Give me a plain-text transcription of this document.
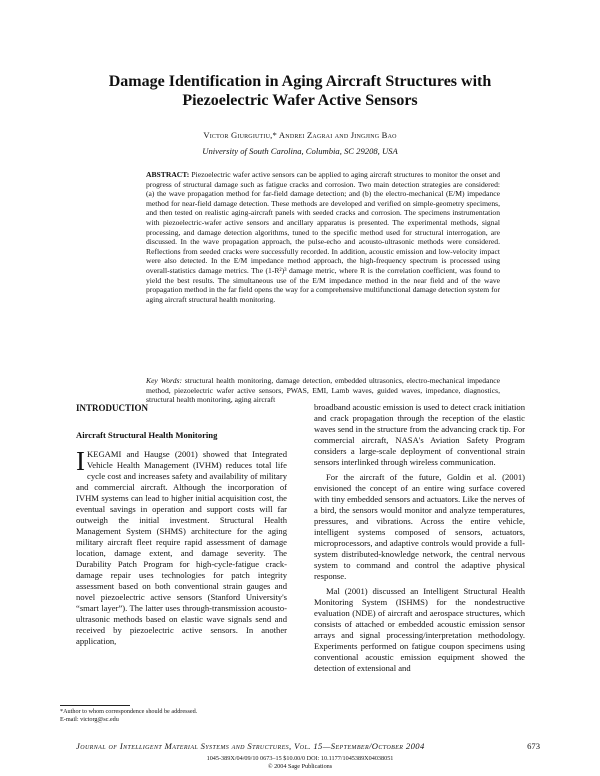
Damage Identification in Aging Aircraft Structures with
Piezoelectric Wafer Active Sensors
Victor Giurgiutiu,* Andrei Zagrai and Jingjing Bao
University of South Carolina, Columbia, SC 29208, USA
ABSTRACT: Piezoelectric wafer active sensors can be applied to aging aircraft structures to monitor the onset and progress of structural damage such as fatigue cracks and corrosion. Two main detection strategies are considered: (a) the wave propagation method for far-field damage detection; and (b) the electro-mechanical (E/M) impedance method for near-field damage detection. These methods are developed and verified on simple-geometry specimens, and then tested on realistic aging-aircraft panels with seeded cracks and corrosion. The specimens instrumentation with piezoelectric-wafer active sensors and ancillary apparatus is presented. The experimental methods, signal processing, and damage detection algorithms, tuned to the specific method used for structural interrogation, are discussed. In the wave propagation approach, the pulse-echo and acousto-ultrasonic methods were considered. Reflections from seeded cracks were successfully recorded. In addition, acoustic emission and low-velocity impact were also detected. In the E/M impedance method approach, the high-frequency spectrum is processed using overall-statistics damage metrics. The (1-R²)³ damage metric, where R is the correlation coefficient, was found to yield the best results. The simultaneous use of the E/M impedance method in the near field and of the wave propagation method in the far field opens the way for a comprehensive multifunctional damage detection system for aging aircraft structural health monitoring.
Key Words: structural health monitoring, damage detection, embedded ultrasonics, electro-mechanical impedance method, piezoelectric wafer active sensors, PWAS, EMI, Lamb waves, guided waves, impedance, diagnostics, structural health monitoring, aging aircraft
INTRODUCTION
Aircraft Structural Health Monitoring

IKEGAMI and Haugse (2001) showed that Integrated Vehicle Health Management (IVHM) reduces total life cycle cost and increases safety and availability of military and commercial aircraft. Although the incorporation of IVHM systems can lead to higher initial acquisition cost, the eventual savings in operation and support costs will far outweigh the initial investment. Structural Health Management System (SHMS) architecture for the aging military aircraft fleet require rapid assessment of damage location, damage extent, and damage severity. The Durability Patch Program for high-cycle-fatigue crack-damage repair uses technologies for patch integrity assessment based on both conventional strain gauges and novel piezoelectric active sensors (Stanford University's “smart layer”). The latter uses through-transmission acousto-ultrasonic methods based on elastic wave signals send and received by piezoelectric active sensors. In another application,

broadband acoustic emission is used to detect crack initiation and crack propagation through the reception of the elastic waves send in the structure from the advancing crack tip. For commercial aircraft, NASA's Aviation Safety Program considers a large-scale deployment of conventional strain sensors interlinked through wireless communication.

For the aircraft of the future, Goldin et al. (2001) envisioned the concept of an entire wing surface covered with tiny embedded sensors and actuators. Like the nerves of a bird, the sensors would monitor and analyze temperatures, pressures, and vibrations. Across the entire vehicle, intelligent systems composed of sensors, actuators, microprocessors, and adaptive controls would provide a full-system distributed-knowledge network, the central nervous system to command and control the adaptive physical response.

Mal (2001) discussed an Intelligent Structural Health Monitoring System (ISHMS) for the nondestructive evaluation (NDE) of aircraft and aerospace structures, which consists of attached or embedded acoustic emission sensor arrays and signal processing/interpretation methodology. Experiments performed on fatigue coupon specimens using conventional acoustic emission equipment showed the detection of extensional and

*Author to whom correspondence should be addressed.
E-mail: victorg@sc.edu
Journal of Intelligent Material Systems and Structures, Vol. 15—September/October 2004	673
1045-389X/04/09/10 0673–15 $10.00/0 DOI: 10.1177/1045389X04038051
© 2004 Sage Publications
